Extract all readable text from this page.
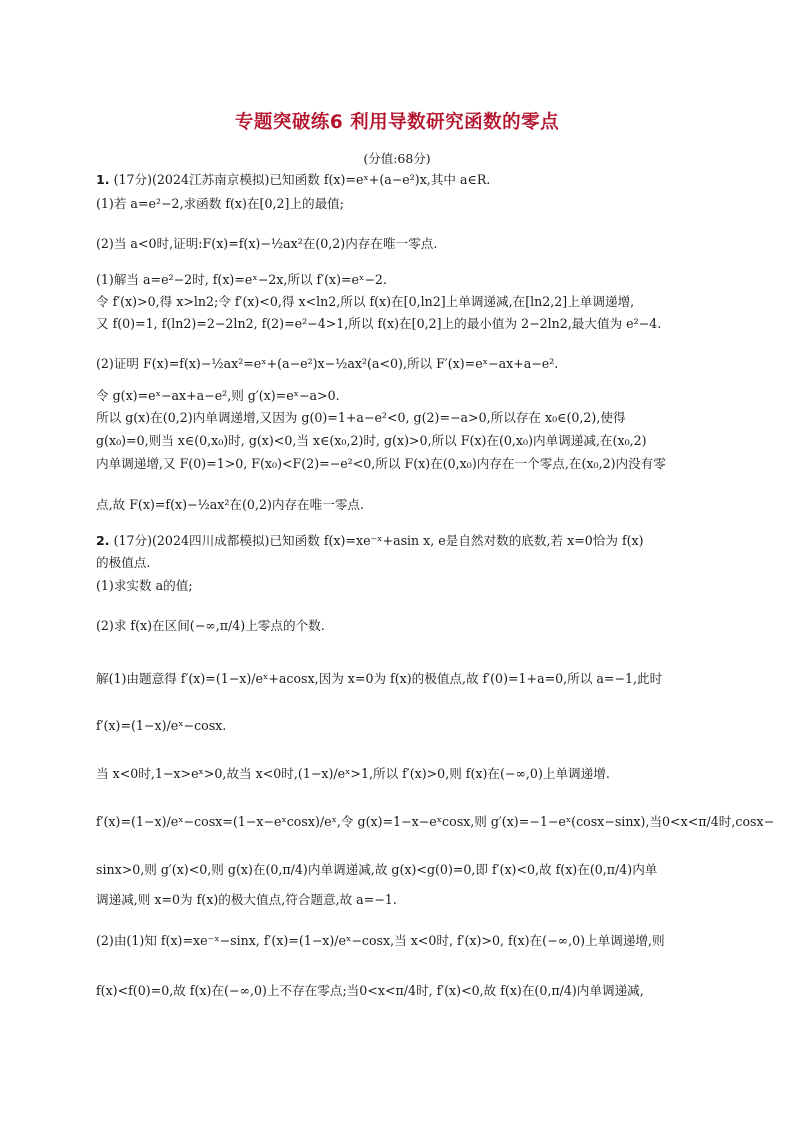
专题突破练6 利用导数研究函数的零点
(分值:68分)
1. (17分)(2024江苏南京模拟)已知函数 f(x)=eˣ+(a−e²)x,其中 a∈R.
(1)若 a=e²−2,求函数 f(x)在[0,2]上的最值;
(2)当 a<0时,证明:F(x)=f(x)−½ax²在(0,2)内存在唯一零点.
(1)解当 a=e²−2时, f(x)=eˣ−2x,所以 f′(x)=eˣ−2.
令 f′(x)>0,得 x>ln2;令 f′(x)<0,得 x<ln2,所以 f(x)在[0,ln2]上单调递减,在[ln2,2]上单调递增,
又 f(0)=1, f(ln2)=2−2ln2, f(2)=e²−4>1,所以 f(x)在[0,2]上的最小值为 2−2ln2,最大值为 e²−4.
(2)证明 F(x)=f(x)−½ax²=eˣ+(a−e²)x−½ax²(a<0),所以 F′(x)=eˣ−ax+a−e².
令 g(x)=eˣ−ax+a−e²,则 g′(x)=eˣ−a>0.
所以 g(x)在(0,2)内单调递增,又因为 g(0)=1+a−e²<0, g(2)=−a>0,所以存在 x₀∈(0,2),使得
g(x₀)=0,则当 x∈(0,x₀)时, g(x)<0,当 x∈(x₀,2)时, g(x)>0,所以 F(x)在(0,x₀)内单调递减,在(x₀,2)
内单调递增,又 F(0)=1>0, F(x₀)<F(2)=−e²<0,所以 F(x)在(0,x₀)内存在一个零点,在(x₀,2)内没有零
点,故 F(x)=f(x)−½ax²在(0,2)内存在唯一零点.
2. (17分)(2024四川成都模拟)已知函数 f(x)=xe⁻ˣ+asin x, e是自然对数的底数,若 x=0恰为 f(x)
的极值点.
(1)求实数 a的值;
(2)求 f(x)在区间(−∞,π/4)上零点的个数.
解(1)由题意得 f′(x)=(1−x)/eˣ+acosx,因为 x=0为 f(x)的极值点,故 f′(0)=1+a=0,所以 a=−1,此时
f′(x)=(1−x)/eˣ−cosx.
当 x<0时,1−x>eˣ>0,故当 x<0时,(1−x)/eˣ>1,所以 f′(x)>0,则 f(x)在(−∞,0)上单调递增.
f′(x)=(1−x)/eˣ−cosx=(1−x−eˣcosx)/eˣ,令 g(x)=1−x−eˣcosx,则 g′(x)=−1−eˣ(cosx−sinx),当0<x<π/4时,cosx−
sinx>0,则 g′(x)<0,则 g(x)在(0,π/4)内单调递减,故 g(x)<g(0)=0,即 f′(x)<0,故 f(x)在(0,π/4)内单
调递减,则 x=0为 f(x)的极大值点,符合题意,故 a=−1.
(2)由(1)知 f(x)=xe⁻ˣ−sinx, f′(x)=(1−x)/eˣ−cosx,当 x<0时, f′(x)>0, f(x)在(−∞,0)上单调递增,则
f(x)<f(0)=0,故 f(x)在(−∞,0)上不存在零点;当0<x<π/4时, f′(x)<0,故 f(x)在(0,π/4)内单调递减,
